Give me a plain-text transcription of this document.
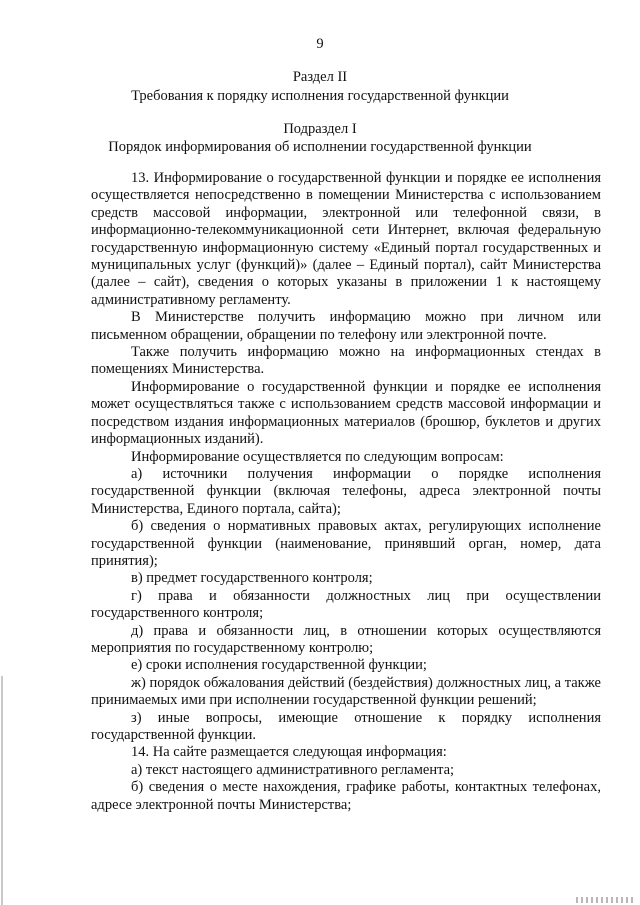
9
Раздел II
Требования к порядку исполнения государственной функции
Подраздел I
Порядок информирования об исполнении государственной функции

13. Информирование о государственной функции и порядке ее исполнения осуществляется непосредственно в помещении Министерства с использованием средств массовой информации, электронной или телефонной связи, в информационно-телекоммуникационной сети Интернет, включая федеральную государственную информационную систему «Единый портал государственных и муниципальных услуг (функций)» (далее – Единый портал), сайт Министерства (далее – сайт), сведения о которых указаны в приложении 1 к настоящему административному регламенту.

В Министерстве получить информацию можно при личном или письменном обращении, обращении по телефону или электронной почте.

Также получить информацию можно на информационных стендах в помещениях Министерства.

Информирование о государственной функции и порядке ее исполнения может осуществляться также с использованием средств массовой информации и посредством издания информационных материалов (брошюр, буклетов и других информационных изданий).

Информирование осуществляется по следующим вопросам:

а) источники получения информации о порядке исполнения государственной функции (включая телефоны, адреса электронной почты Министерства, Единого портала, сайта);

б) сведения о нормативных правовых актах, регулирующих исполнение государственной функции (наименование, принявший орган, номер, дата принятия);

в) предмет государственного контроля;

г) права и обязанности должностных лиц при осуществлении государственного контроля;

д) права и обязанности лиц, в отношении которых осуществляются мероприятия по государственному контролю;

е) сроки исполнения государственной функции;

ж) порядок обжалования действий (бездействия) должностных лиц, а также принимаемых ими при исполнении государственной функции решений;

з) иные вопросы, имеющие отношение к порядку исполнения государственной функции.

14. На сайте размещается следующая информация:

а) текст настоящего административного регламента;

б) сведения о месте нахождения, графике работы, контактных телефонах, адресе электронной почты Министерства;
